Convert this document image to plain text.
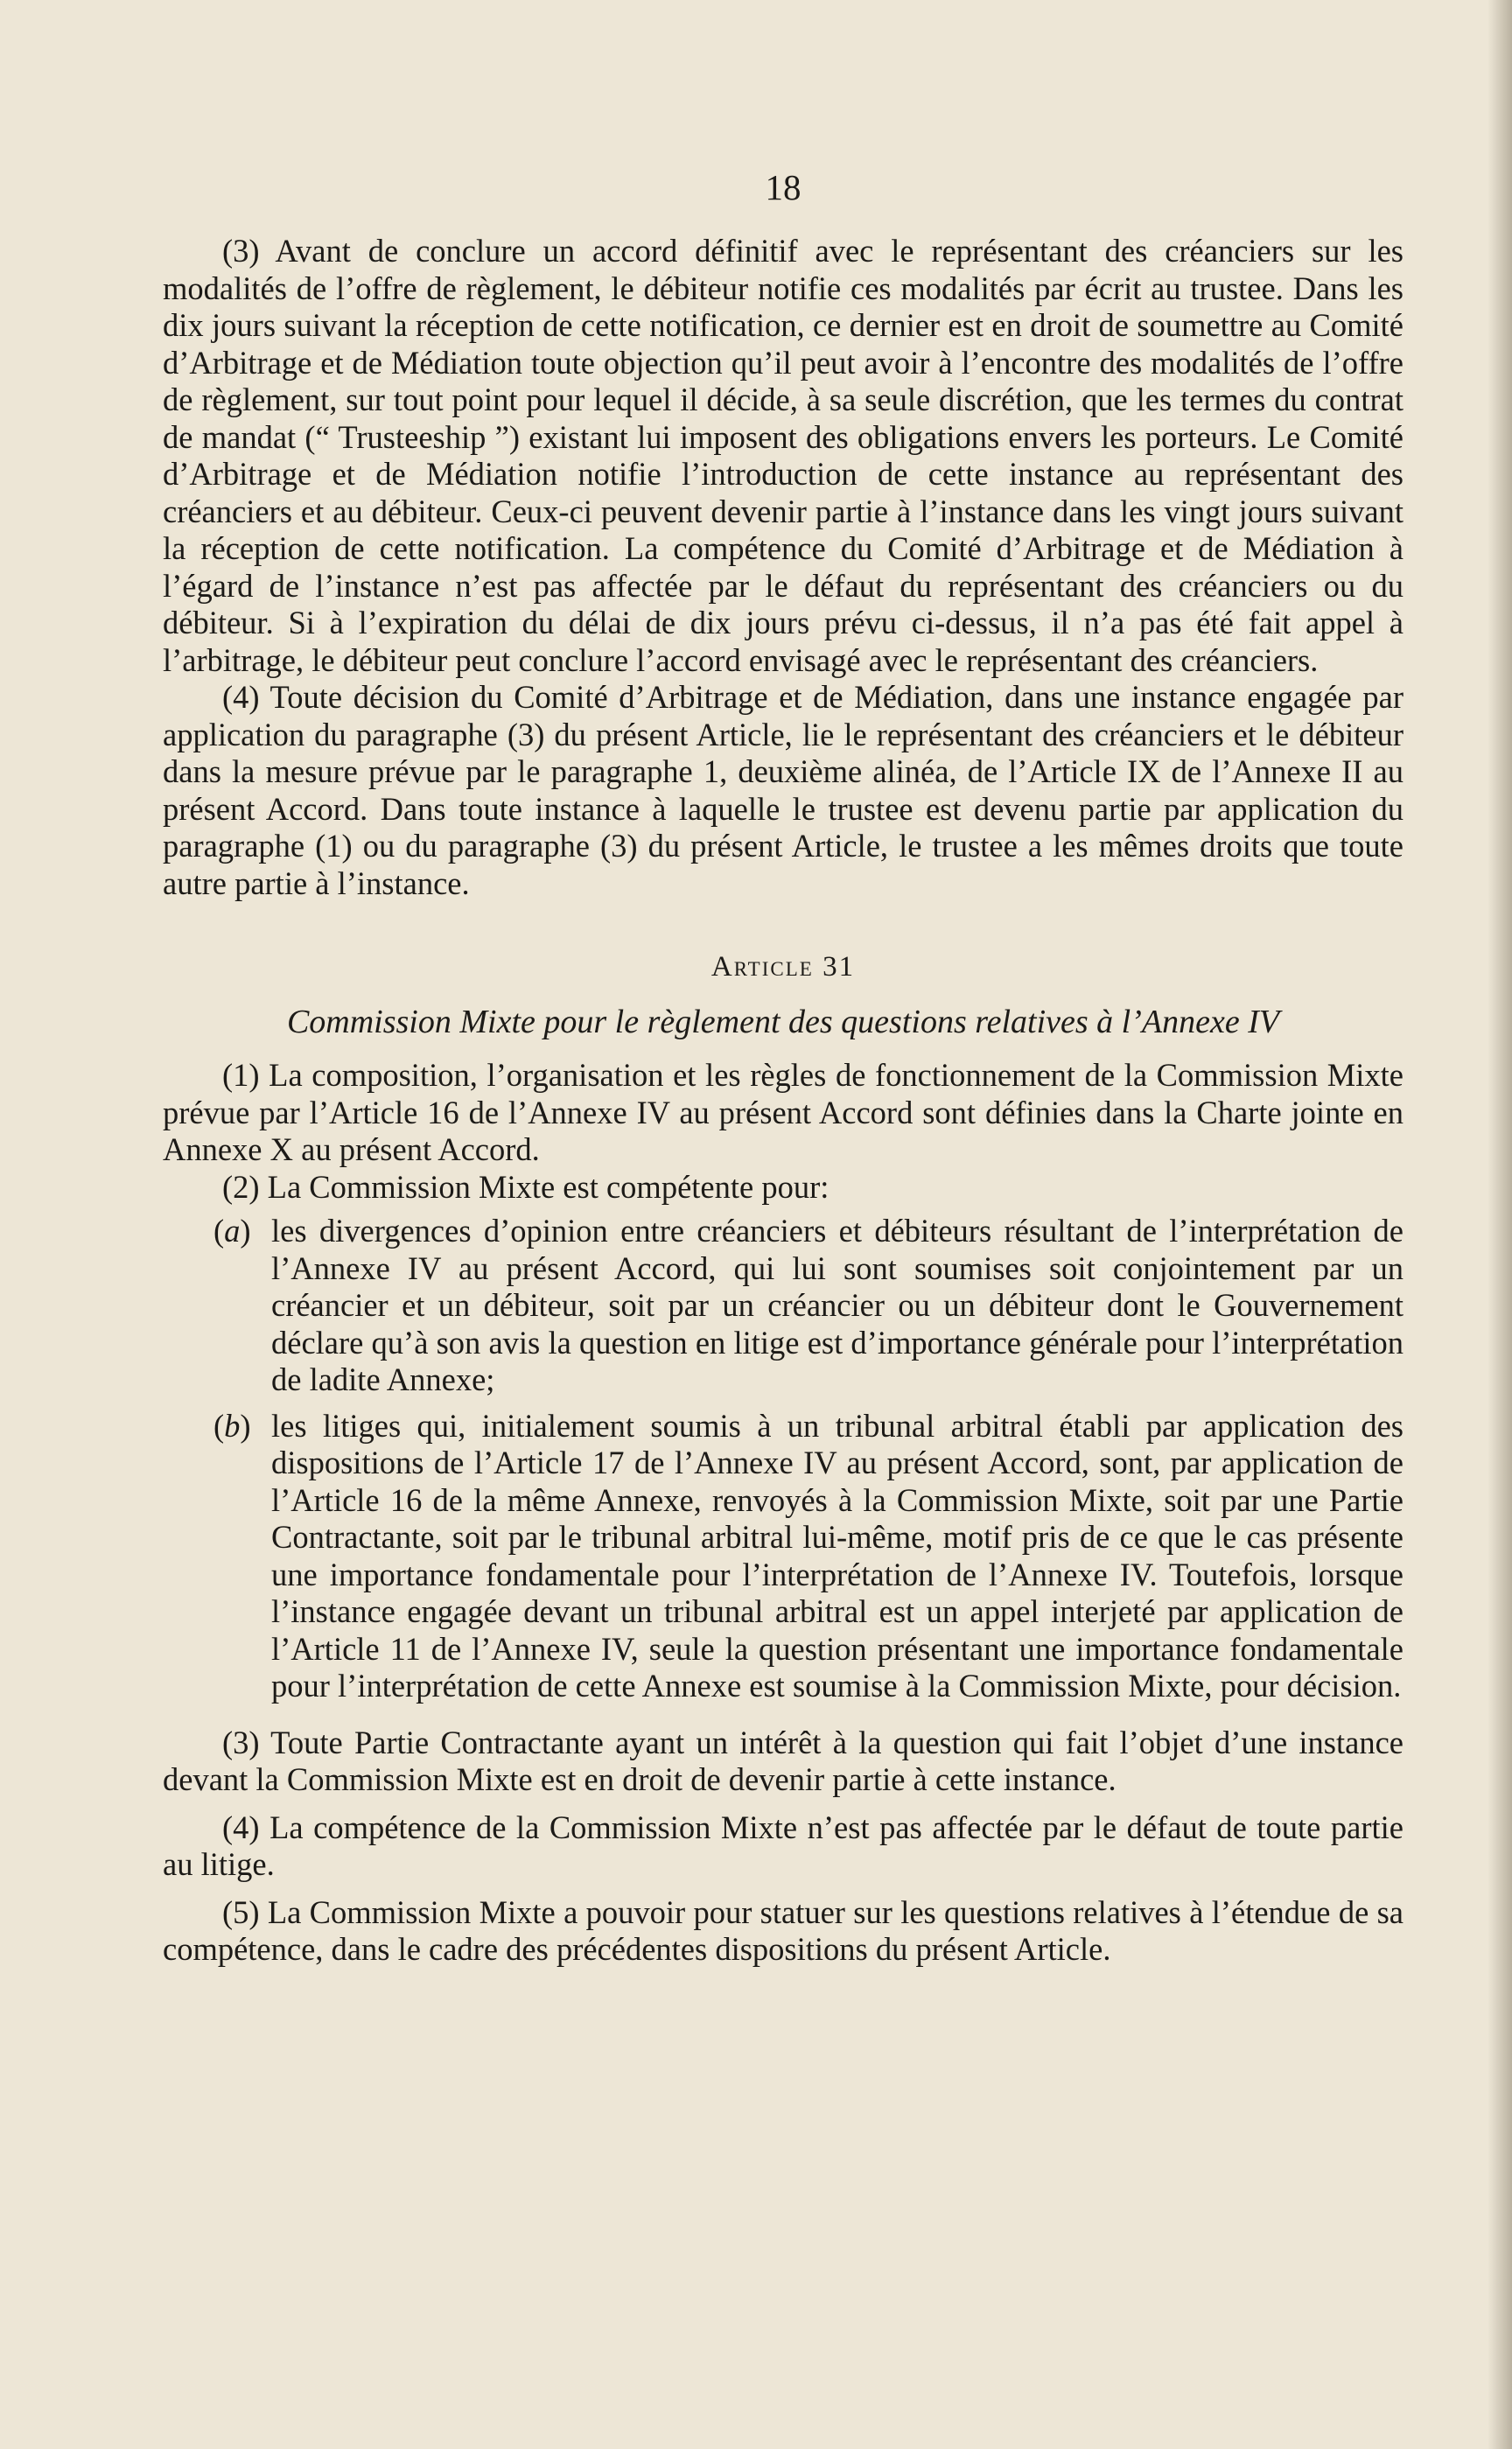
18

(3) Avant de conclure un accord définitif avec le représentant des créanciers sur les modalités de l’offre de règlement, le débiteur notifie ces modalités par écrit au trustee. Dans les dix jours suivant la réception de cette notification, ce dernier est en droit de soumettre au Comité d’Arbitrage et de Médiation toute objection qu’il peut avoir à l’encontre des modalités de l’offre de règlement, sur tout point pour lequel il décide, à sa seule discrétion, que les termes du contrat de mandat (“ Trusteeship ”) existant lui imposent des obligations envers les porteurs. Le Comité d’Arbitrage et de Médiation notifie l’introduction de cette instance au représentant des créanciers et au débiteur. Ceux-ci peuvent devenir partie à l’instance dans les vingt jours suivant la réception de cette notification. La compétence du Comité d’Arbitrage et de Médiation à l’égard de l’instance n’est pas affectée par le défaut du représentant des créanciers ou du débiteur. Si à l’expiration du délai de dix jours prévu ci-dessus, il n’a pas été fait appel à l’arbitrage, le débiteur peut conclure l’accord envisagé avec le représentant des créanciers.

(4) Toute décision du Comité d’Arbitrage et de Médiation, dans une instance engagée par application du paragraphe (3) du présent Article, lie le représentant des créanciers et le débiteur dans la mesure prévue par le paragraphe 1, deuxième alinéa, de l’Article IX de l’Annexe II au présent Accord. Dans toute instance à laquelle le trustee est devenu partie par application du paragraphe (1) ou du paragraphe (3) du présent Article, le trustee a les mêmes droits que toute autre partie à l’instance.

Article 31
Commission Mixte pour le règlement des questions relatives à l’Annexe IV

(1) La composition, l’organisation et les règles de fonctionnement de la Commission Mixte prévue par l’Article 16 de l’Annexe IV au présent Accord sont définies dans la Charte jointe en Annexe X au présent Accord.

(2) La Commission Mixte est compétente pour:

(a) les divergences d’opinion entre créanciers et débiteurs résultant de l’interprétation de l’Annexe IV au présent Accord, qui lui sont soumises soit conjointement par un créancier et un débiteur, soit par un créancier ou un débiteur dont le Gouvernement déclare qu’à son avis la question en litige est d’importance générale pour l’interprétation de ladite Annexe;
(b) les litiges qui, initialement soumis à un tribunal arbitral établi par application des dispositions de l’Article 17 de l’Annexe IV au présent Accord, sont, par application de l’Article 16 de la même Annexe, renvoyés à la Commission Mixte, soit par une Partie Contractante, soit par le tribunal arbitral lui-même, motif pris de ce que le cas présente une importance fondamentale pour l’interprétation de l’Annexe IV. Toutefois, lorsque l’instance engagée devant un tribunal arbitral est un appel interjeté par application de l’Article 11 de l’Annexe IV, seule la question présentant une importance fondamentale pour l’interprétation de cette Annexe est soumise à la Commission Mixte, pour décision.

(3) Toute Partie Contractante ayant un intérêt à la question qui fait l’objet d’une instance devant la Commission Mixte est en droit de devenir partie à cette instance.

(4) La compétence de la Commission Mixte n’est pas affectée par le défaut de toute partie au litige.

(5) La Commission Mixte a pouvoir pour statuer sur les questions relatives à l’étendue de sa compétence, dans le cadre des précédentes dispositions du présent Article.
